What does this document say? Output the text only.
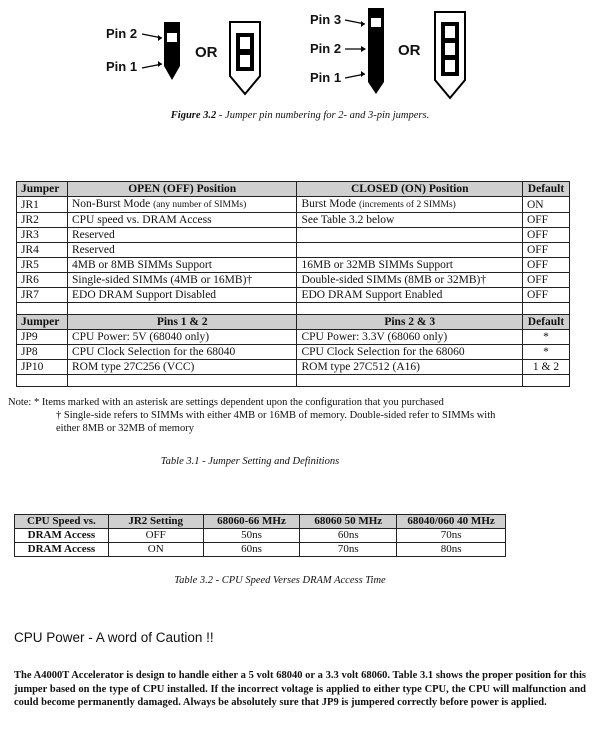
Pin 2
Pin 1
OR
Pin 3
Pin 2
Pin 1
OR
Figure 3.2 - Jumper pin numbering for 2- and 3-pin jumpers.
Jumper	OPEN (OFF) Position	CLOSED (ON) Position	Default
JR1	Non-Burst Mode (any number of SIMMs)	Burst Mode (increments of 2 SIMMs)	ON
JR2	CPU speed vs. DRAM Access	See Table 3.2 below	OFF
JR3	Reserved		OFF
JR4	Reserved		OFF
JR5	4MB or 8MB SIMMs Support	16MB or 32MB SIMMs Support	OFF
JR6	Single-sided SIMMs (4MB or 16MB)†	Double-sided SIMMs (8MB or 32MB)†	OFF
JR7	EDO DRAM Support Disabled	EDO DRAM Support Enabled	OFF

Jumper	Pins 1 & 2	Pins 2 & 3	Default
JP9	CPU Power: 5V (68040 only)	CPU Power: 3.3V (68060 only)	*
JP8	CPU Clock Selection for the 68040	CPU Clock Selection for the 68060	*
JP10	ROM type 27C256 (VCC)	ROM type 27C512 (A16)	1 & 2

Note: * Items marked with an asterisk are settings dependent upon the configuration that you purchased
† Single-side refers to SIMMs with either 4MB or 16MB of memory. Double-sided refer to SIMMs with
either 8MB or 32MB of memory
Table 3.1 - Jumper Setting and Definitions
CPU Speed vs.	JR2 Setting	68060-66 MHz	68060 50 MHz	68040/060 40 MHz
DRAM Access	OFF	50ns	60ns	70ns
DRAM Access	ON	60ns	70ns	80ns
Table 3.2 - CPU Speed Verses DRAM Access Time
CPU Power - A word of Caution !!
The A4000T Accelerator is design to handle either a 5 volt 68040 or a 3.3 volt 68060. Table 3.1 shows the proper position for this jumper based on the type of CPU installed. If the incorrect voltage is applied to either type CPU, the CPU will malfunction and could become permanently damaged. Always be absolutely sure that JP9 is jumpered correctly before power is applied.
